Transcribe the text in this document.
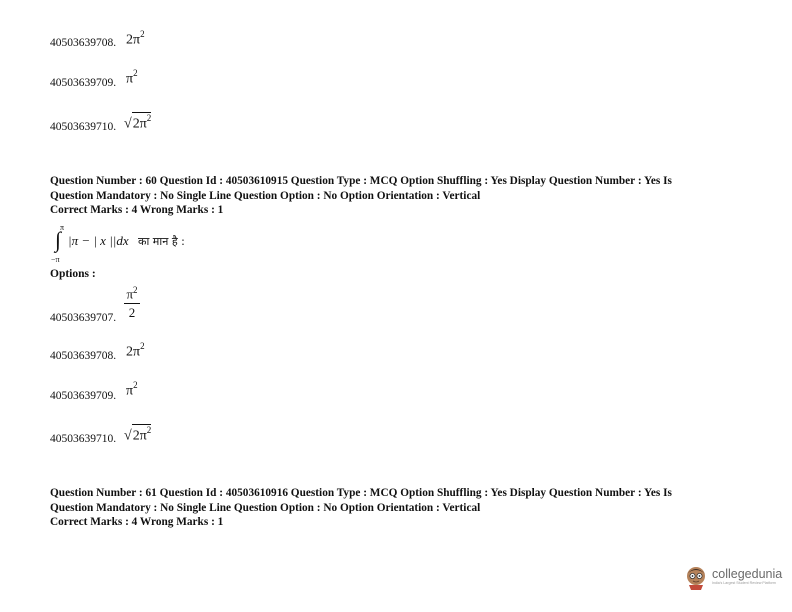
40503639708. $2\pi^2$
40503639709. $\pi^2$
40503639710. $√2\pi^2$
Question Number : 60 Question Id : 40503610915 Question Type : MCQ Option Shuffling : Yes Display Question Number : Yes Is
Question Mandatory : No Single Line Question Option : No Option Orientation : Vertical
Correct Marks : 4 Wrong Marks : 1
π
∫
−π
|π − | x ||dx का मान है :
Options :
40503639707.
$\pi^2$
2
40503639708. $2\pi^2$
40503639709. $\pi^2$
40503639710. $√2\pi^2$
Question Number : 61 Question Id : 40503610916 Question Type : MCQ Option Shuffling : Yes Display Question Number : Yes Is
Question Mandatory : No Single Line Question Option : No Option Orientation : Vertical
Correct Marks : 4 Wrong Marks : 1
collegedunia
India's Largest Student Review Platform
